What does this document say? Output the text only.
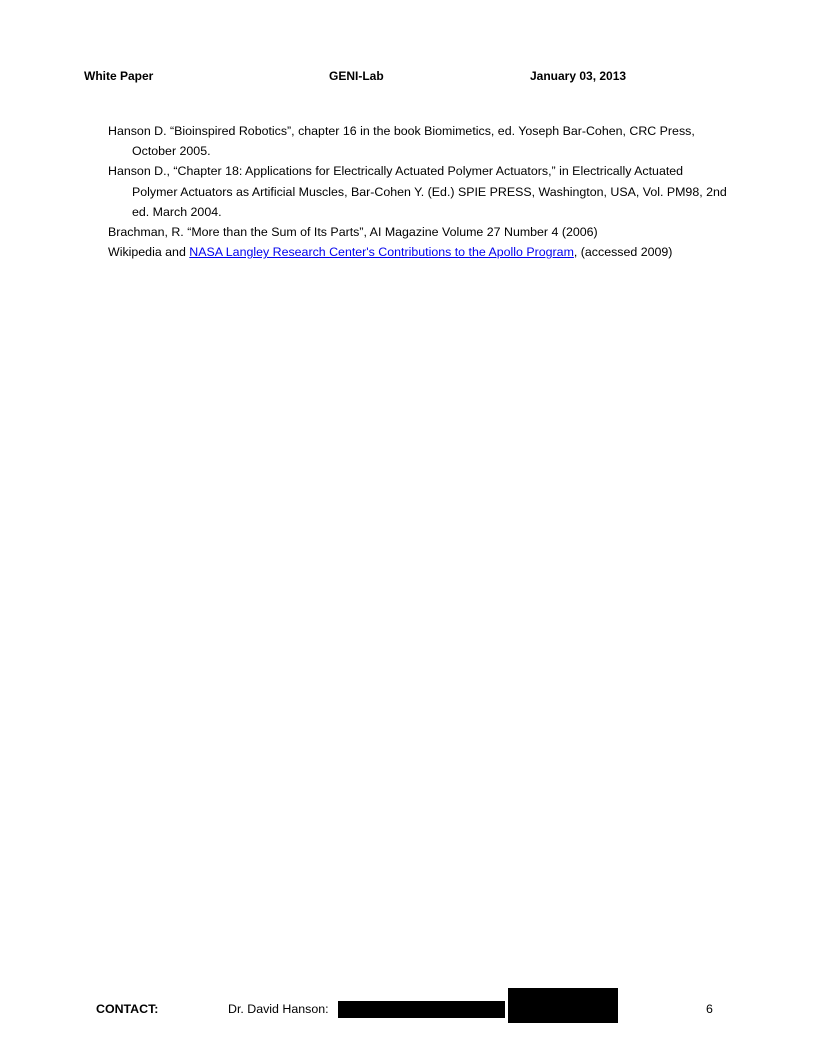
White Paper	GENI-Lab	January 03, 2013

Hanson D. “Bioinspired Robotics”, chapter 16 in the book Biomimetics, ed. Yoseph Bar-Cohen, CRC Press, October 2005.

Hanson D., “Chapter 18: Applications for Electrically Actuated Polymer Actuators,” in Electrically Actuated Polymer Actuators as Artificial Muscles, Bar-Cohen Y. (Ed.) SPIE PRESS, Washington, USA, Vol. PM98, 2nd ed. March 2004.

Brachman, R. “More than the Sum of Its Parts”, AI Magazine Volume 27 Number 4 (2006)

Wikipedia and NASA Langley Research Center's Contributions to the Apollo Program, (accessed 2009)

CONTACT:	Dr. David Hanson:	6
